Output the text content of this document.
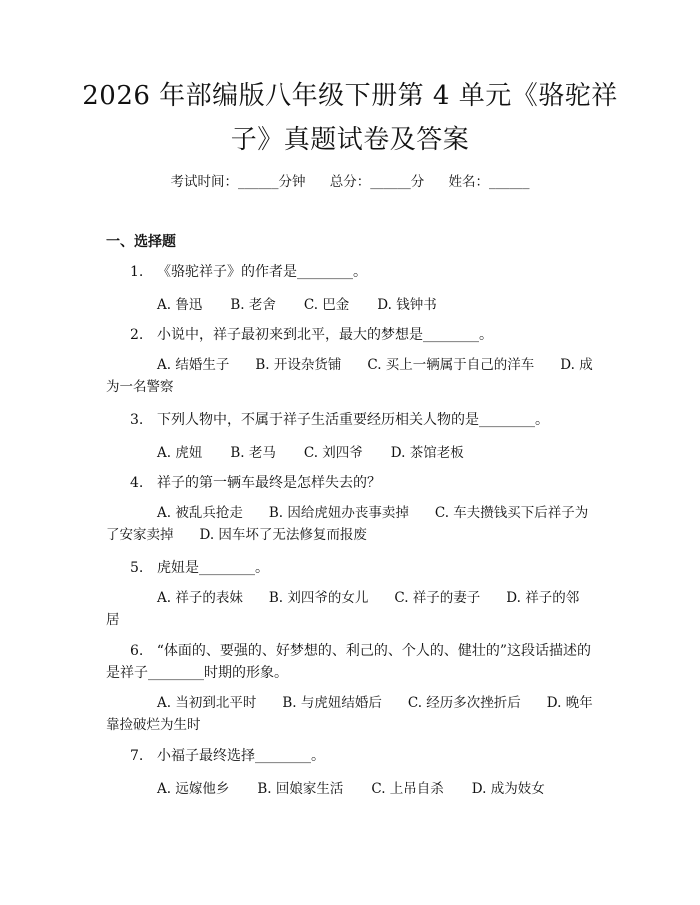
2026 年部编版八年级下册第 4 单元《骆驼祥
子》真题试卷及答案
考试时间：______分钟 总分：______分 姓名：______
一、选择题
1. 《骆驼祥子》的作者是________。
A. 鲁迅 B. 老舍 C. 巴金 D. 钱钟书
2. 小说中，祥子最初来到北平，最大的梦想是________。
A. 结婚生子 B. 开设杂货铺 C. 买上一辆属于自己的洋车 D. 成为一名警察
3. 下列人物中，不属于祥子生活重要经历相关人物的是________。
A. 虎妞 B. 老马 C. 刘四爷 D. 茶馆老板
4. 祥子的第一辆车最终是怎样失去的？
A. 被乱兵抢走 B. 因给虎妞办丧事卖掉 C. 车夫攒钱买下后祥子为了安家卖掉 D. 因车坏了无法修复而报废
5. 虎妞是________。
A. 祥子的表妹 B. 刘四爷的女儿 C. 祥子的妻子 D. 祥子的邻居
6. “体面的、要强的、好梦想的、利己的、个人的、健壮的”这段话描述的是祥子________时期的形象。
A. 当初到北平时 B. 与虎妞结婚后 C. 经历多次挫折后 D. 晚年靠捡破烂为生时
7. 小福子最终选择________。
A. 远嫁他乡 B. 回娘家生活 C. 上吊自杀 D. 成为妓女
